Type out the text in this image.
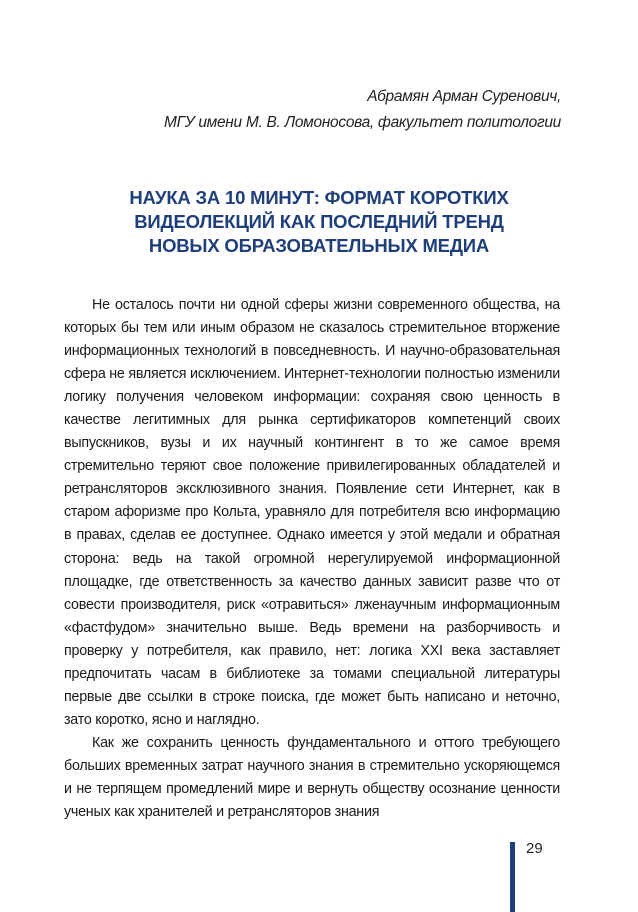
Абрамян Арман Суренович,
МГУ имени М. В. Ломоносова, факультет политологии
НАУКА ЗА 10 МИНУТ: ФОРМАТ КОРОТКИХ
ВИДЕОЛЕКЦИЙ КАК ПОСЛЕДНИЙ ТРЕНД
НОВЫХ ОБРАЗОВАТЕЛЬНЫХ МЕДИА

Не осталось почти ни одной сферы жизни современного общества, на которых бы тем или иным образом не сказалось стремительное вторжение информационных технологий в повседневность. И научно-образовательная сфера не является исключением. Интернет-технологии полностью изменили логику получения человеком информации: сохраняя свою ценность в качестве легитимных для рынка сертификаторов компетенций своих выпускников, вузы и их научный контингент в то же самое время стремительно теряют свое положение привилегированных обладателей и ретрансляторов эксклюзивного знания. Появление сети Интернет, как в старом афоризме про Кольта, уравняло для потребителя всю информацию в правах, сделав ее доступнее. Однако имеется у этой медали и обратная сторона: ведь на такой огромной нерегулируемой информационной площадке, где ответственность за качество данных зависит разве что от совести производителя, риск «отравиться» лженаучным информационным «фастфудом» значительно выше. Ведь времени на разборчивость и проверку у потребителя, как правило, нет: логика XXI века заставляет предпочитать часам в библиотеке за томами специальной литературы первые две ссылки в строке поиска, где может быть написано и неточно, зато коротко, ясно и наглядно.

Как же сохранить ценность фундаментального и оттого требующего больших временных затрат научного знания в стремительно ускоряющемся и не терпящем промедлений мире и вернуть обществу осознание ценности ученых как хранителей и ретрансляторов знания

29
